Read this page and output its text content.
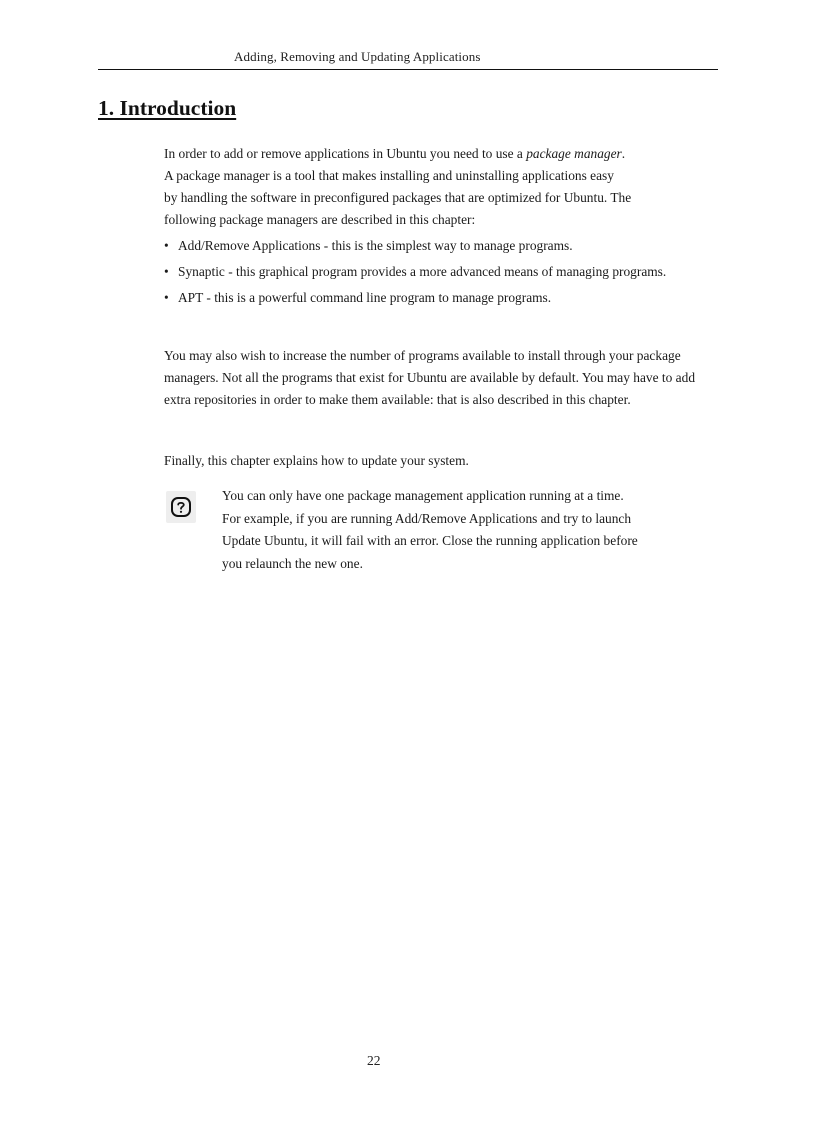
Adding, Removing and Updating Applications
1. Introduction
In order to add or remove applications in Ubuntu you need to use a package manager.
A package manager is a tool that makes installing and uninstalling applications easy
by handling the software in preconfigured packages that are optimized for Ubuntu. The
following package managers are described in this chapter:
• Add/Remove Applications - this is the simplest way to manage programs.
• Synaptic - this graphical program provides a more advanced means of managing programs.
• APT - this is a powerful command line program to manage programs.

You may also wish to increase the number of programs available to install through your package managers. Not all the programs that exist for Ubuntu are available by default. You may have to add extra repositories in order to make them available: that is also described in this chapter.

Finally, this chapter explains how to update your system.

You can only have one package management application running at a time.
For example, if you are running Add/Remove Applications and try to launch
Update Ubuntu, it will fail with an error. Close the running application before
you relaunch the new one.
22
